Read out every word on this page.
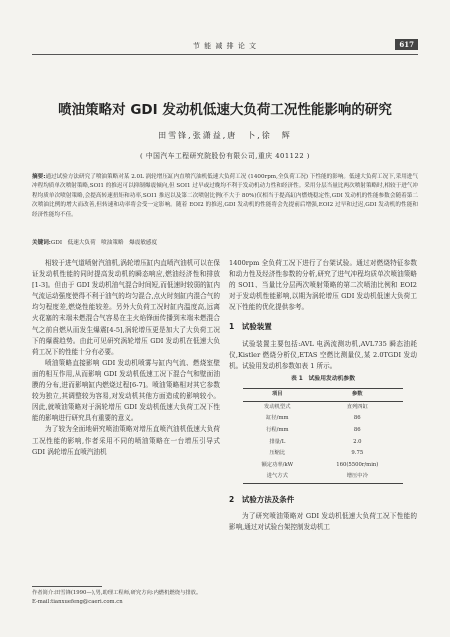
节 能 减 排 论 文	617
喷油策略对 GDI 发动机低速大负荷工况性能影响的研究
田雪锋,张潇益,唐　卜,徐　辉
( 中国汽车工程研究院股份有限公司,重庆 401122 )
摘要:通过试验方法研究了喷油策略对某 2.0L 涡轮增压缸内直喷汽油机低速大负荷工况 (1400rpm,全负荷工况) 下性能的影响。低速大负荷工况下,采用进气冲程均质单次喷射策略,SOI1 的推迟可以抑制爆震倾向,但 SOI1 过早或过晚均不利于发动机动力性和经济性。采用分层当量比两次喷射策略时,相较于进气冲程均质单次喷射策略,会提高转速扭矩和功率,SOI1 推迟以及第二次喷射比例(不大于 80%)仅相当于提高缸内燃烧稳定性,GDI 发动机的性能参数会随着第二次喷油比例的增大而改善,但转速和功率将会受一定影响。随着 EOI2 的推迟,GDI 发动机的性能将会先提前后增强,EOI2 过早和过迟,GDI 发动机的性能和经济性能均不佳。
关键词:GDI　低速大负荷　喷油策略　爆震敏感度

相较于进气道喷射汽油机,涡轮增压缸内直喷汽油机可以在保证发动机性能的同时提高发动机的瞬态响应,燃油经济性和排放[1-3]。但由于 GDI 发动机油气混合时间短,而低速时较弱的缸内气流运动强度使得不利于油气的均匀混合,点火时刻缸内混合气的均匀程度差,燃烧性能较差。另外大负荷工况时缸内温度高,远离火花塞的末端未燃混合气容易在主火焰锋面传播到末端未燃混合气之前自燃从而发生爆震[4-5],涡轮增压更是加大了大负荷工况下的爆震趋势。由此可见研究涡轮增压 GDI 发动机在低速大负荷工况下的性能十分有必要。

喷油策略直接影响 GDI 发动机喷雾与缸内气流、燃烧室壁面的相互作用,从而影响 GDI 发动机低速工况下混合气和壁面油膜的分布,进而影响缸内燃烧过程[6-7]。喷油策略相对其它参数较为独立,其调整较为容易,对发动机其他方面造成的影响较小。因此,就喷油策略对于涡轮增压 GDI 发动机低速大负荷工况下性能的影响进行研究具有重要的意义。

为了较为全面地研究喷油策略对增压直喷汽油机低速大负荷工况性能的影响,作者采用不同的喷油策略在一台增压引导式 GDI 涡轮增压直喷汽油机

作者简介:田雪锋(1990—),男,助理工程师,研究方向:内燃机燃烧与排放。
E-mail:tianxuefeng@caeri.com.cn

1400rpm 全负荷工况下进行了台架试验。通过对燃烧特征参数和动力性及经济性参数的分析,研究了进气冲程均质单次喷油策略的 SOI1、当量比分层两次喷射策略的第二次喷油比例和 EOI2 对于发动机性能影响,以期为涡轮增压 GDI 发动机低速大负荷工况下性能的优化提供参考。

1　试验装置

试验装置主要包括:AVL 电涡流测功机,AVL735 瞬态油耗仪,Kistler 燃烧分析仪,ETAS 空燃比测量仪,某 2.0TGDI 发动机。试验用发动机参数如表 1 所示。

表 1　试验用发动机参数
项目	参数
发动机型式	直列四缸
缸径/mm	86
行程/mm	86
排量/L	2.0
压缩比	9.75
额定功率/kW	160(5500r/min)
进气方式	增压中冷
2　试验方法及条件

为了研究喷油策略对 GDI 发动机低速大负荷工况下性能的影响,通过对试验台架控制发动机工
